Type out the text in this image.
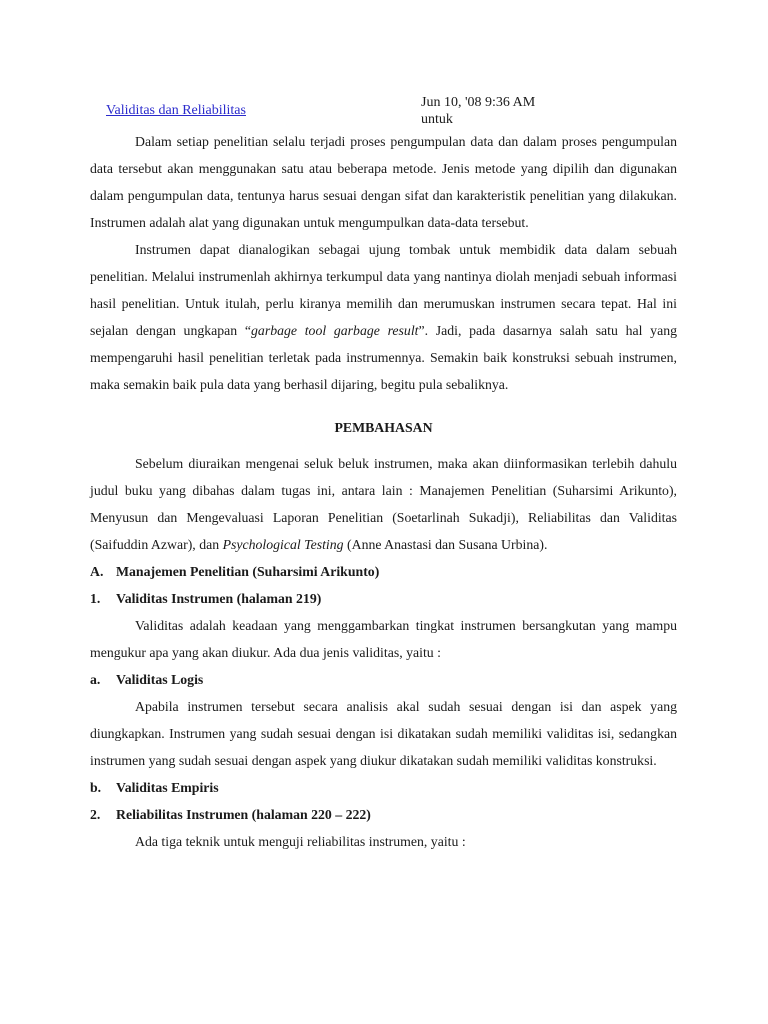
Validitas dan Reliabilitas
Jun 10, '08 9:36 AM
untuk

Dalam setiap penelitian selalu terjadi proses pengumpulan data dan dalam proses pengumpulan data tersebut akan menggunakan satu atau beberapa metode. Jenis metode yang dipilih dan digunakan dalam pengumpulan data, tentunya harus sesuai dengan sifat dan karakteristik penelitian yang dilakukan. Instrumen adalah alat yang digunakan untuk mengumpulkan data-data tersebut.

Instrumen dapat dianalogikan sebagai ujung tombak untuk membidik data dalam sebuah penelitian. Melalui instrumenlah akhirnya terkumpul data yang nantinya diolah menjadi sebuah informasi hasil penelitian. Untuk itulah, perlu kiranya memilih dan merumuskan instrumen secara tepat. Hal ini sejalan dengan ungkapan “garbage tool garbage result”. Jadi, pada dasarnya salah satu hal yang mempengaruhi hasil penelitian terletak pada instrumennya. Semakin baik konstruksi sebuah instrumen, maka semakin baik pula data yang berhasil dijaring, begitu pula sebaliknya.

PEMBAHASAN

Sebelum diuraikan mengenai seluk beluk instrumen, maka akan diinformasikan terlebih dahulu judul buku yang dibahas dalam tugas ini, antara lain : Manajemen Penelitian (Suharsimi Arikunto), Menyusun dan Mengevaluasi Laporan Penelitian (Soetarlinah Sukadji), Reliabilitas dan Validitas (Saifuddin Azwar), dan Psychological Testing (Anne Anastasi dan Susana Urbina).

A. Manajemen Penelitian (Suharsimi Arikunto)

1.	Validitas Instrumen (halaman 219)

Validitas adalah keadaan yang menggambarkan tingkat instrumen bersangkutan yang mampu mengukur apa yang akan diukur. Ada dua jenis validitas, yaitu :

a.	Validitas Logis

Apabila instrumen tersebut secara analisis akal sudah sesuai dengan isi dan aspek yang diungkapkan. Instrumen yang sudah sesuai dengan isi dikatakan sudah memiliki validitas isi, sedangkan instrumen yang sudah sesuai dengan aspek yang diukur dikatakan sudah memiliki validitas konstruksi.

b.	Validitas Empiris

2.	Reliabilitas Instrumen (halaman 220 – 222)

Ada tiga teknik untuk menguji reliabilitas instrumen, yaitu :
